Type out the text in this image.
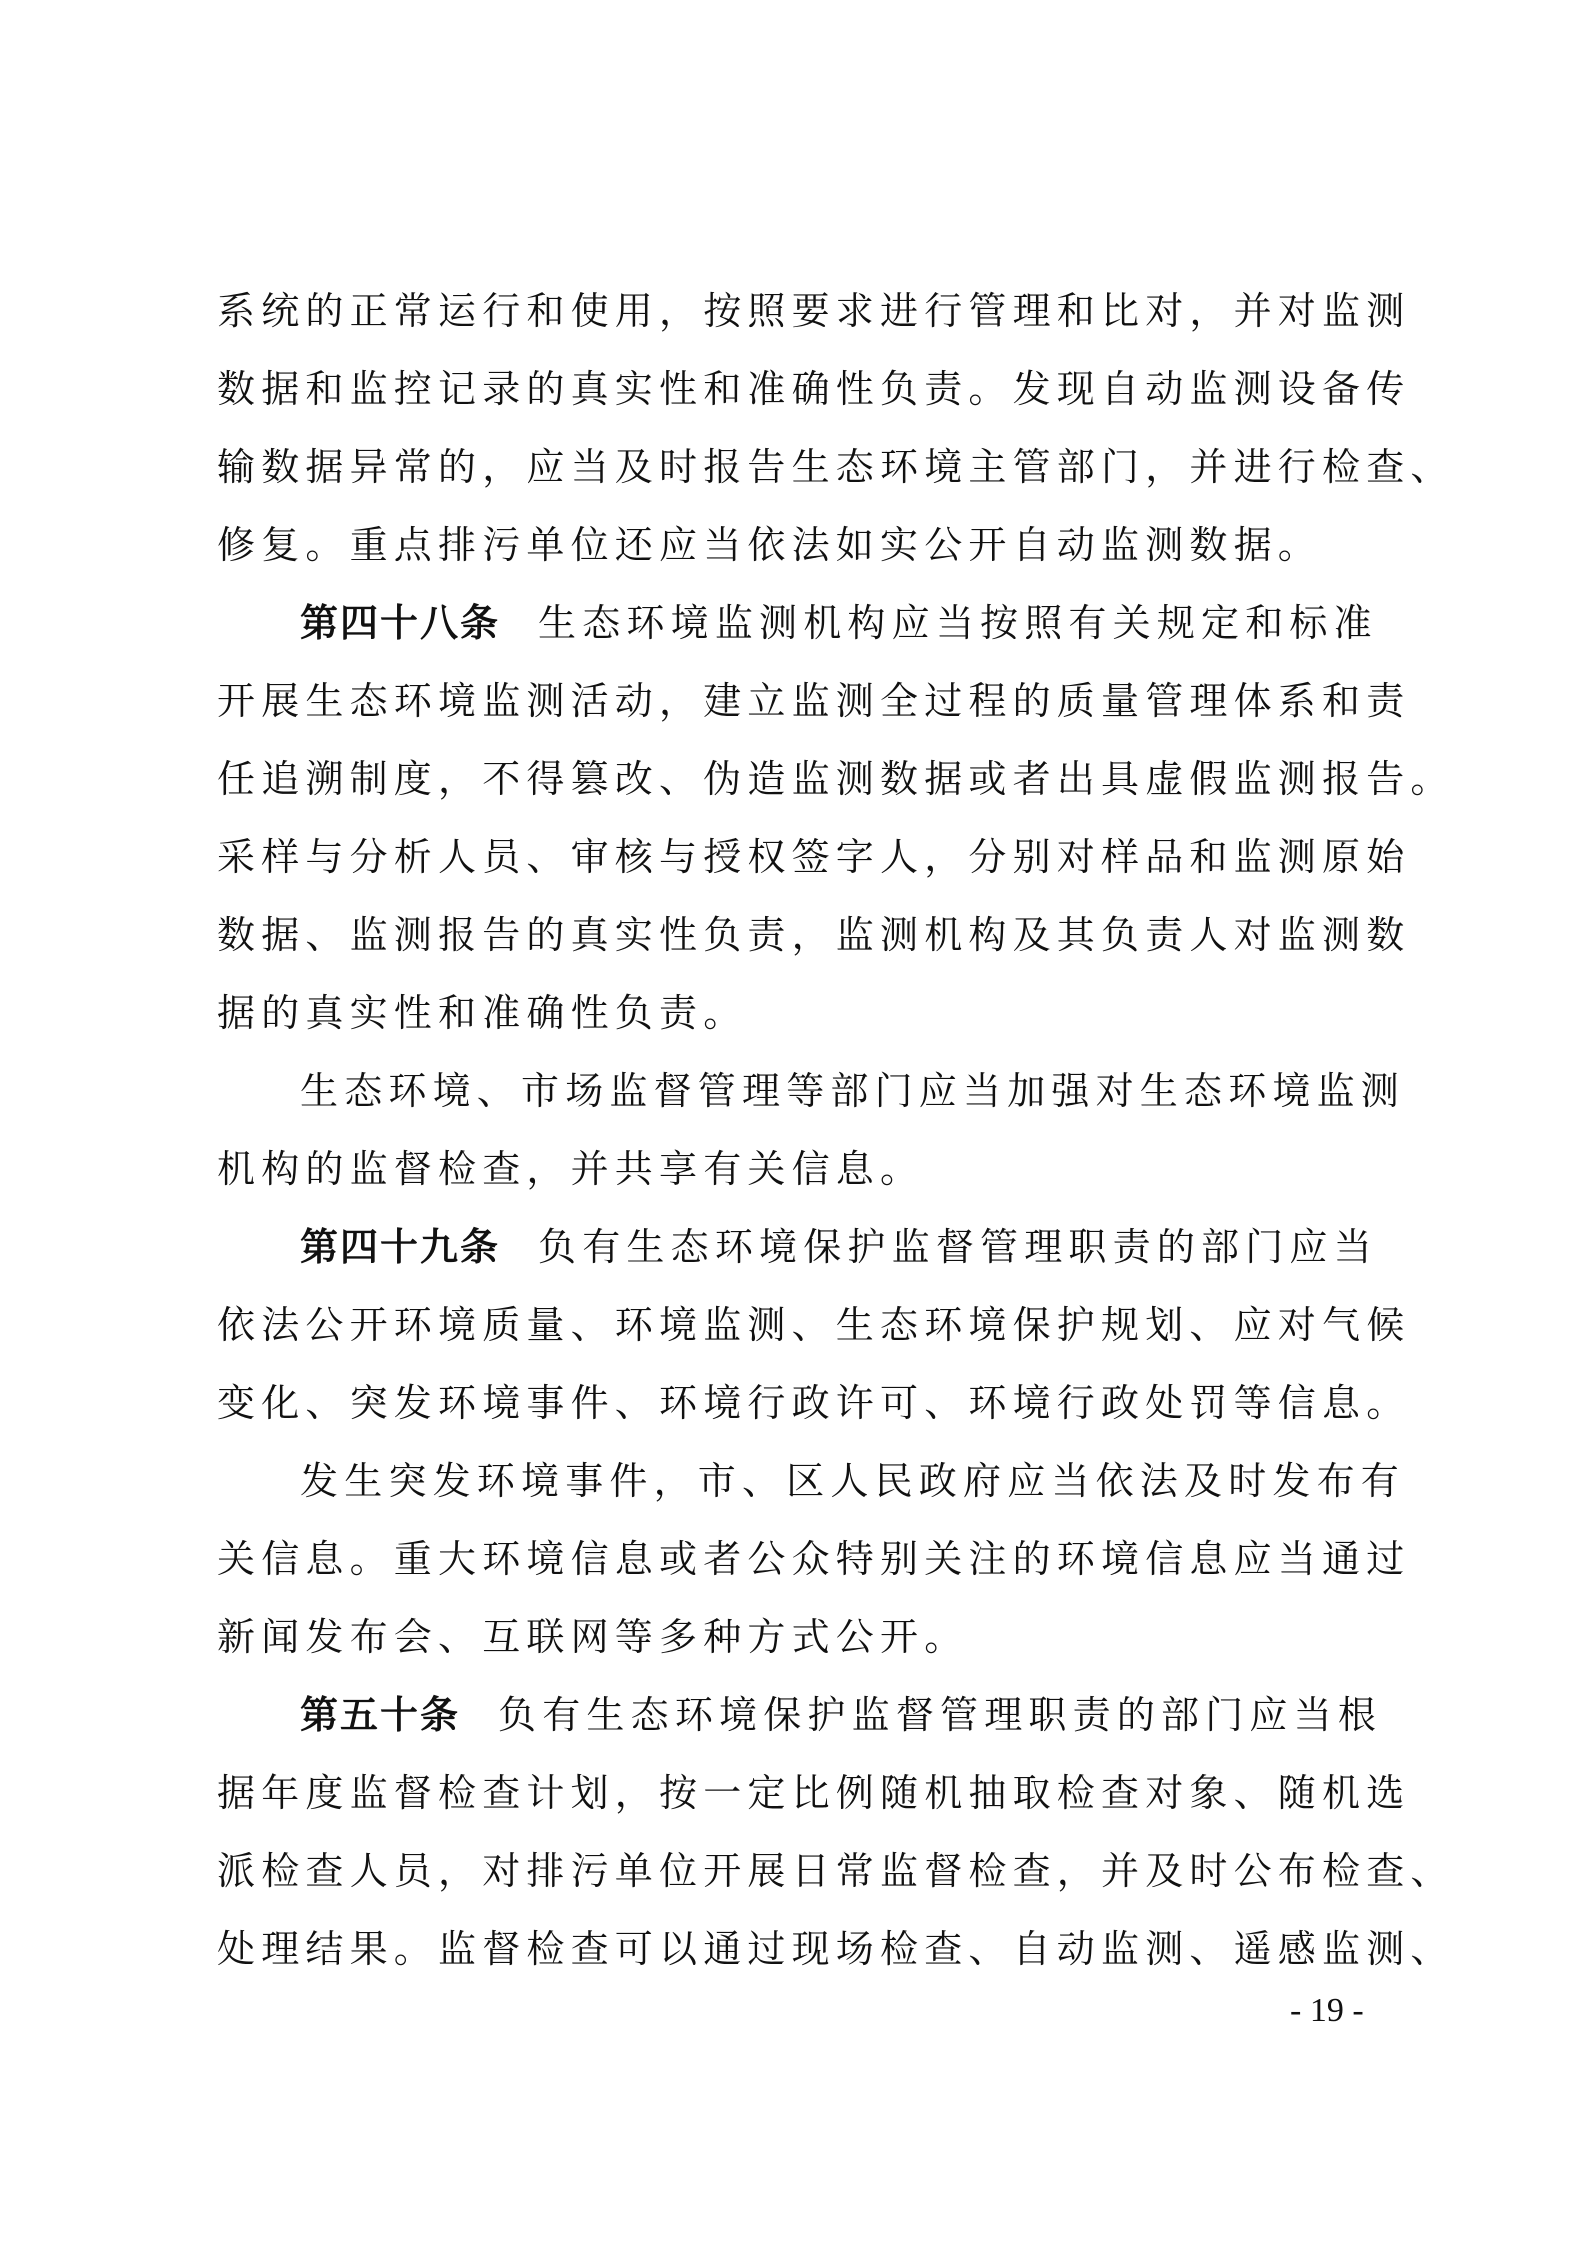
系统的正常运行和使用，按照要求进行管理和比对，并对监测
数据和监控记录的真实性和准确性负责。发现自动监测设备传
输数据异常的，应当及时报告生态环境主管部门，并进行检查、
修复。重点排污单位还应当依法如实公开自动监测数据。
第四十八条 生态环境监测机构应当按照有关规定和标准
开展生态环境监测活动，建立监测全过程的质量管理体系和责
任追溯制度，不得篡改、伪造监测数据或者出具虚假监测报告。
采样与分析人员、审核与授权签字人，分别对样品和监测原始
数据、监测报告的真实性负责，监测机构及其负责人对监测数
据的真实性和准确性负责。
生态环境、市场监督管理等部门应当加强对生态环境监测
机构的监督检查，并共享有关信息。
第四十九条 负有生态环境保护监督管理职责的部门应当
依法公开环境质量、环境监测、生态环境保护规划、应对气候
变化、突发环境事件、环境行政许可、环境行政处罚等信息。
发生突发环境事件，市、区人民政府应当依法及时发布有
关信息。重大环境信息或者公众特别关注的环境信息应当通过
新闻发布会、互联网等多种方式公开。
第五十条 负有生态环境保护监督管理职责的部门应当根
据年度监督检查计划，按一定比例随机抽取检查对象、随机选
派检查人员，对排污单位开展日常监督检查，并及时公布检查、
处理结果。监督检查可以通过现场检查、自动监测、遥感监测、
- 19 -
